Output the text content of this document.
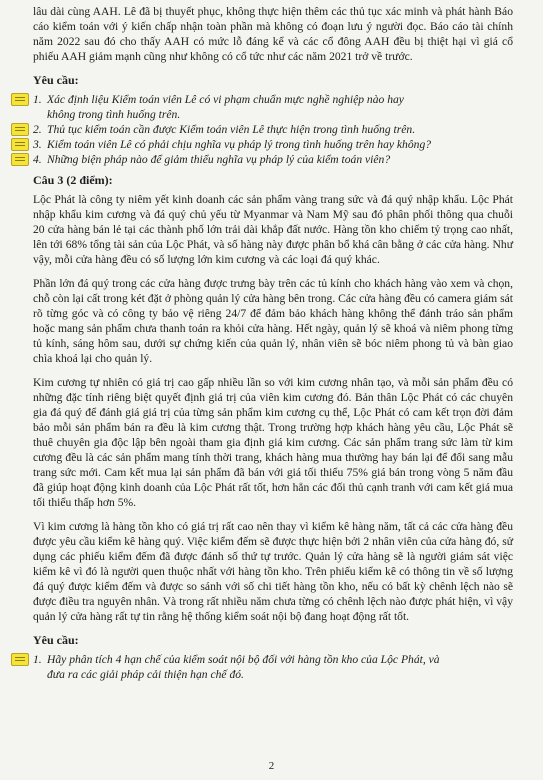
lâu dài cùng AAH. Lê đã bị thuyết phục, không thực hiện thêm các thủ tục xác minh và phát hành Báo cáo kiểm toán với ý kiến chấp nhận toàn phần mà không có đoạn lưu ý người đọc. Báo cáo tài chính năm 2022 sau đó cho thấy AAH có mức lỗ đáng kể và các cổ đông AAH đều bị thiệt hại vì giá cổ phiếu AAH giảm mạnh cũng như không có cổ tức như các năm 2021 trở về trước.

Yêu cầu:
1. Xác định liệu Kiểm toán viên Lê có vi phạm chuẩn mực nghề nghiệp nào hay
không trong tình huống trên.
2. Thủ tục kiểm toán cần được Kiểm toán viên Lê thực hiện trong tình huống trên.
3. Kiểm toán viên Lê có phải chịu nghĩa vụ pháp lý trong tình huống trên hay không?
4. Những biện pháp nào để giảm thiểu nghĩa vụ pháp lý của kiểm toán viên?
Câu 3 (2 điểm):

Lộc Phát là công ty niêm yết kinh doanh các sản phẩm vàng trang sức và đá quý nhập khẩu. Lộc Phát nhập khẩu kim cương và đá quý chủ yếu từ Myanmar và Nam Mỹ sau đó phân phối thông qua chuỗi 20 cửa hàng bán lẻ tại các thành phố lớn trải dài khắp đất nước. Hàng tồn kho chiếm tỷ trọng cao nhất, lên tới 68% tổng tài sản của Lộc Phát, và số hàng này được phân bổ khá cân bằng ở các cửa hàng. Như vậy, mỗi cửa hàng đều có số lượng lớn kim cương và các loại đá quý khác.

Phần lớn đá quý trong các cửa hàng được trưng bày trên các tủ kính cho khách hàng vào xem và chọn, chỗ còn lại cất trong két đặt ở phòng quản lý cửa hàng bên trong. Các cửa hàng đều có camera giám sát rõ từng góc và có công ty bảo vệ riêng 24/7 để đảm bảo khách hàng không thể đánh tráo sản phẩm hoặc mang sản phẩm chưa thanh toán ra khỏi cửa hàng. Hết ngày, quản lý sẽ khoá và niêm phong từng tủ kính, sáng hôm sau, dưới sự chứng kiến của quản lý, nhân viên sẽ bóc niêm phong tủ và bàn giao chìa khoá lại cho quản lý.

Kim cương tự nhiên có giá trị cao gấp nhiều lần so với kim cương nhân tạo, và mỗi sản phẩm đều có những đặc tính riêng biệt quyết định giá trị của viên kim cương đó. Bản thân Lộc Phát có các chuyên gia đá quý để đánh giá giá trị của từng sản phẩm kim cương cụ thể, Lộc Phát có cam kết trọn đời đảm bảo mỗi sản phẩm bán ra đều là kim cương thật. Trong trường hợp khách hàng yêu cầu, Lộc Phát sẽ thuê chuyên gia độc lập bên ngoài tham gia định giá kim cương. Các sản phẩm trang sức làm từ kim cương đều là các sản phẩm mang tính thời trang, khách hàng mua thường hay bán lại để đổi sang mẫu trang sức mới. Cam kết mua lại sản phẩm đã bán với giá tối thiểu 75% giá bán trong vòng 5 năm đầu đã giúp hoạt động kinh doanh của Lộc Phát rất tốt, hơn hẳn các đối thủ cạnh tranh với cam kết giá mua tối thiểu thấp hơn 5%.

Vì kim cương là hàng tồn kho có giá trị rất cao nên thay vì kiểm kê hàng năm, tất cả các cửa hàng đều được yêu cầu kiểm kê hàng quý. Việc kiểm đếm sẽ được thực hiện bởi 2 nhân viên của cửa hàng đó, sử dụng các phiếu kiểm đếm đã được đánh số thứ tự trước. Quản lý cửa hàng sẽ là người giám sát việc kiểm kê vì đó là người quen thuộc nhất với hàng tồn kho. Trên phiếu kiểm kê có thông tin về số lượng đá quý được kiểm đếm và được so sánh với số chi tiết hàng tồn kho, nếu có bất kỳ chênh lệch nào sẽ được điều tra nguyên nhân. Và trong rất nhiều năm chưa từng có chênh lệch nào được phát hiện, vì vậy quản lý cửa hàng rất tự tin rằng hệ thống kiểm soát nội bộ đang hoạt động rất tốt.

Yêu cầu:
1. Hãy phân tích 4 hạn chế của kiểm soát nội bộ đối với hàng tồn kho của Lộc Phát, và
đưa ra các giải pháp cải thiện hạn chế đó.
2
